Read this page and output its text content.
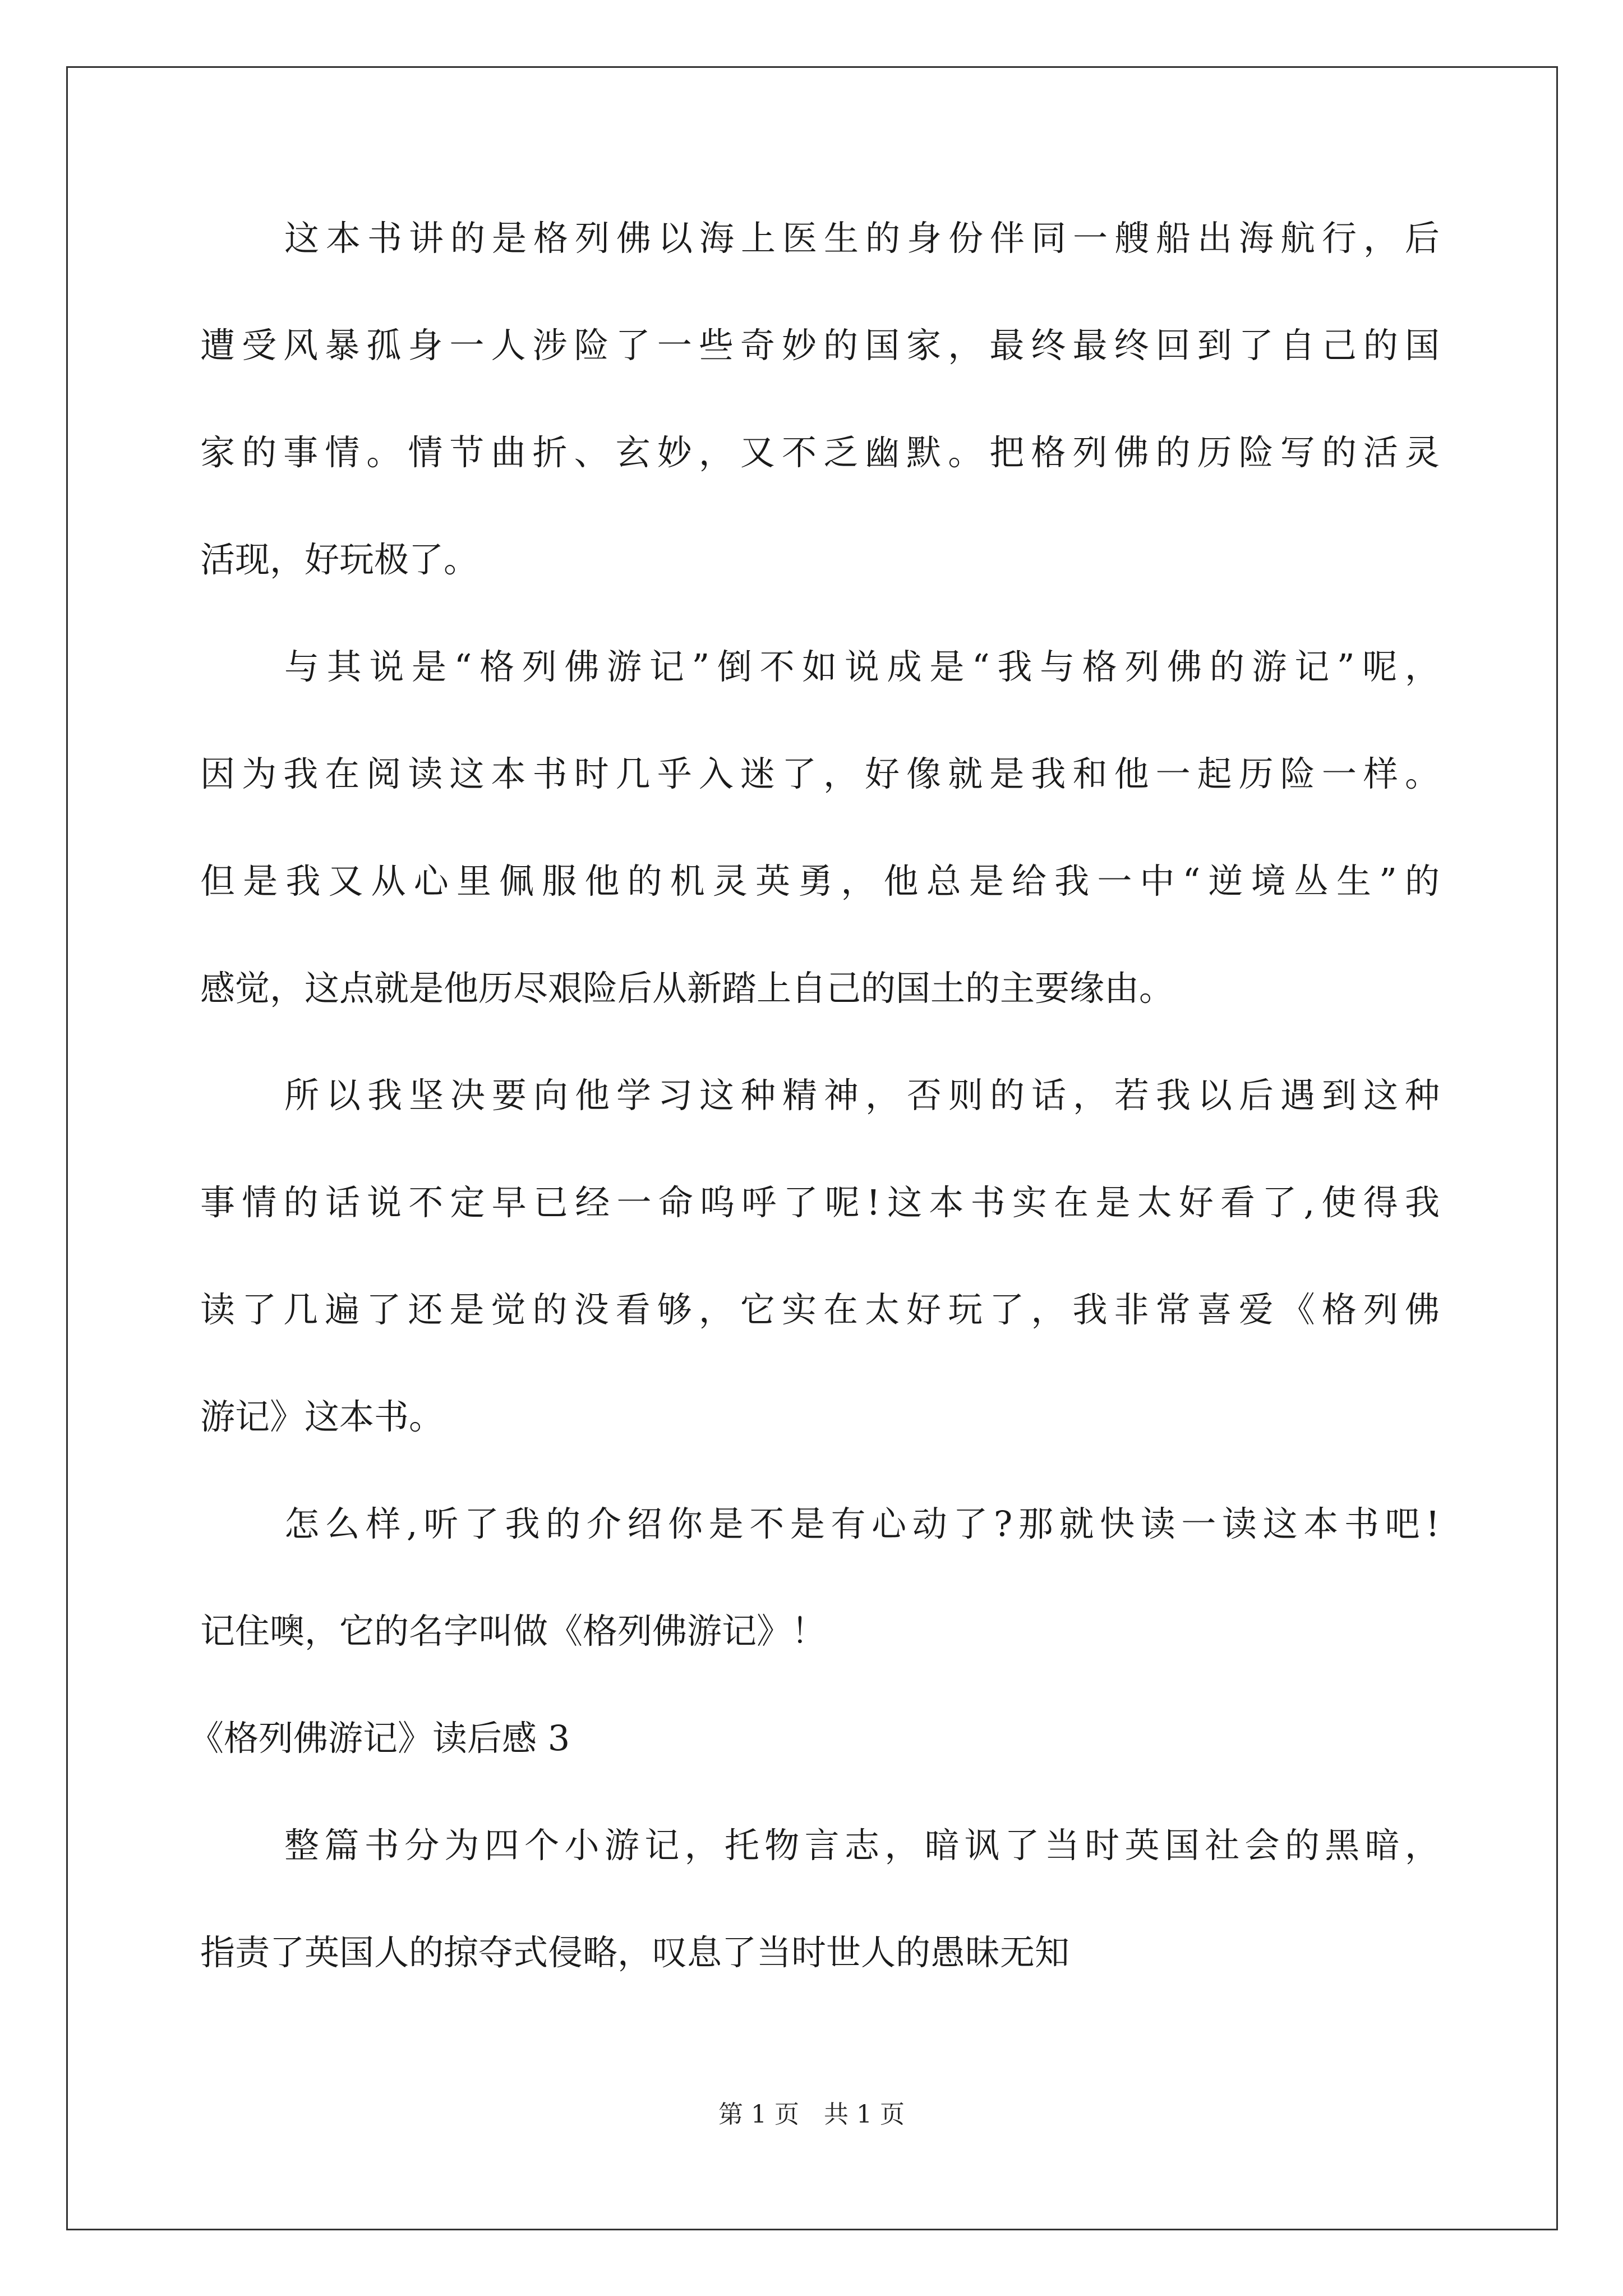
这本书讲的是格列佛以海上医生的身份伴同一艘船出海航行，后
遭受风暴孤身一人涉险了一些奇妙的国家，最终最终回到了自己的国
家的事情。情节曲折、玄妙，又不乏幽默。把格列佛的历险写的活灵
活现，好玩极了。
与其说是“格列佛游记”倒不如说成是“我与格列佛的游记”呢，
因为我在阅读这本书时几乎入迷了，好像就是我和他一起历险一样。
但是我又从心里佩服他的机灵英勇，他总是给我一中“逆境丛生”的
感觉，这点就是他历尽艰险后从新踏上自己的国土的主要缘由。
所以我坚决要向他学习这种精神，否则的话，若我以后遇到这种
事情的话说不定早已经一命呜呼了呢!这本书实在是太好看了,使得我
读了几遍了还是觉的没看够，它实在太好玩了，我非常喜爱《格列佛
游记》这本书。
怎么样,听了我的介绍你是不是有心动了?那就快读一读这本书吧!
记住噢，它的名字叫做《格列佛游记》！
《格列佛游记》读后感 3
整篇书分为四个小游记，托物言志，暗讽了当时英国社会的黑暗，
指责了英国人的掠夺式侵略，叹息了当时世人的愚昧无知
第 1 页　共 1 页
